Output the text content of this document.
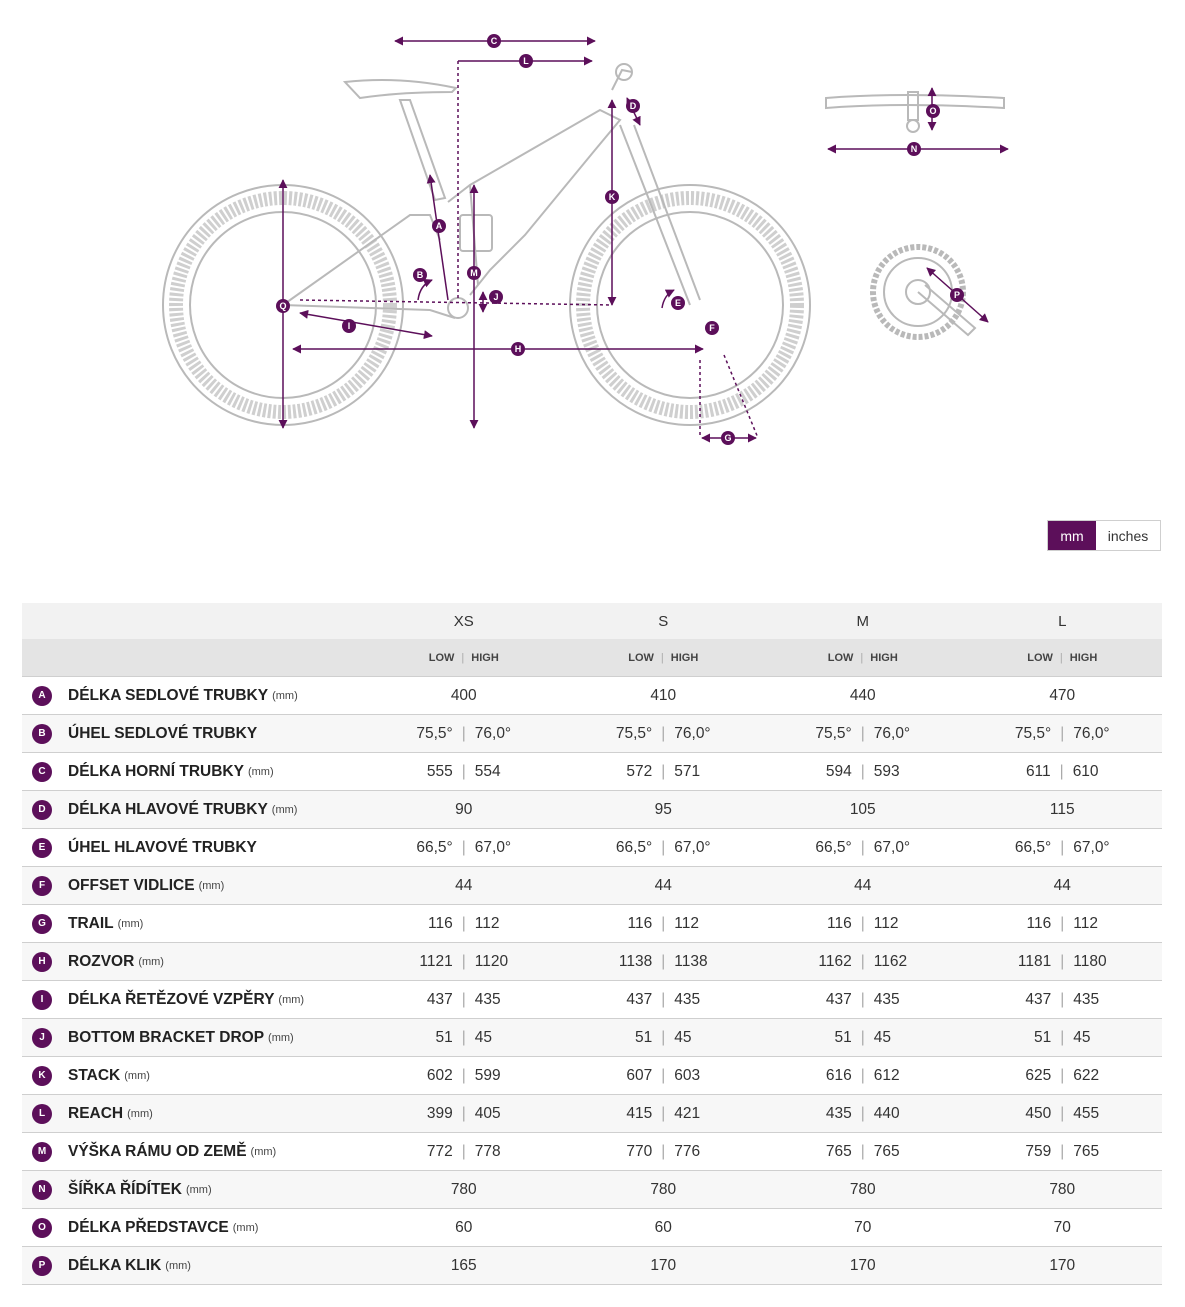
C
L
D
K
A
M
B
J
Q	E
F
I
H
G
O
N
P
mm	inches
	XS	S	M	L
	LOW | HIGH	LOW | HIGH	LOW | HIGH	LOW | HIGH

A DÉLKA SEDLOVÉ TRUBKY (mm)	400	410	440	470

B ÚHEL SEDLOVÉ TRUBKY	75,5° | 76,0°	75,5° | 76,0°	75,5° | 76,0°	75,5° | 76,0°

C DÉLKA HORNÍ TRUBKY (mm)	555 | 554	572 | 571	594 | 593	611 | 610

D DÉLKA HLAVOVÉ TRUBKY (mm)	90	95	105	115

E ÚHEL HLAVOVÉ TRUBKY	66,5° | 67,0°	66,5° | 67,0°	66,5° | 67,0°	66,5° | 67,0°

F OFFSET VIDLICE (mm)	44	44	44	44

G TRAIL (mm)	116 | 112	116 | 112	116 | 112	116 | 112

H ROZVOR (mm)	1121 | 1120	1138 | 1138	1162 | 1162	1181 | 1180

I DÉLKA ŘETĚZOVÉ VZPĚRY (mm)	437 | 435	437 | 435	437 | 435	437 | 435

J BOTTOM BRACKET DROP (mm)	51 | 45	51 | 45	51 | 45	51 | 45

K STACK (mm)	602 | 599	607 | 603	616 | 612	625 | 622

L REACH (mm)	399 | 405	415 | 421	435 | 440	450 | 455

M VÝŠKA RÁMU OD ZEMĚ (mm)	772 | 778	770 | 776	765 | 765	759 | 765

N ŠÍŘKA ŘÍDÍTEK (mm)	780	780	780	780

O DÉLKA PŘEDSTAVCE (mm)	60	60	70	70

P DÉLKA KLIK (mm)	165	170	170	170
